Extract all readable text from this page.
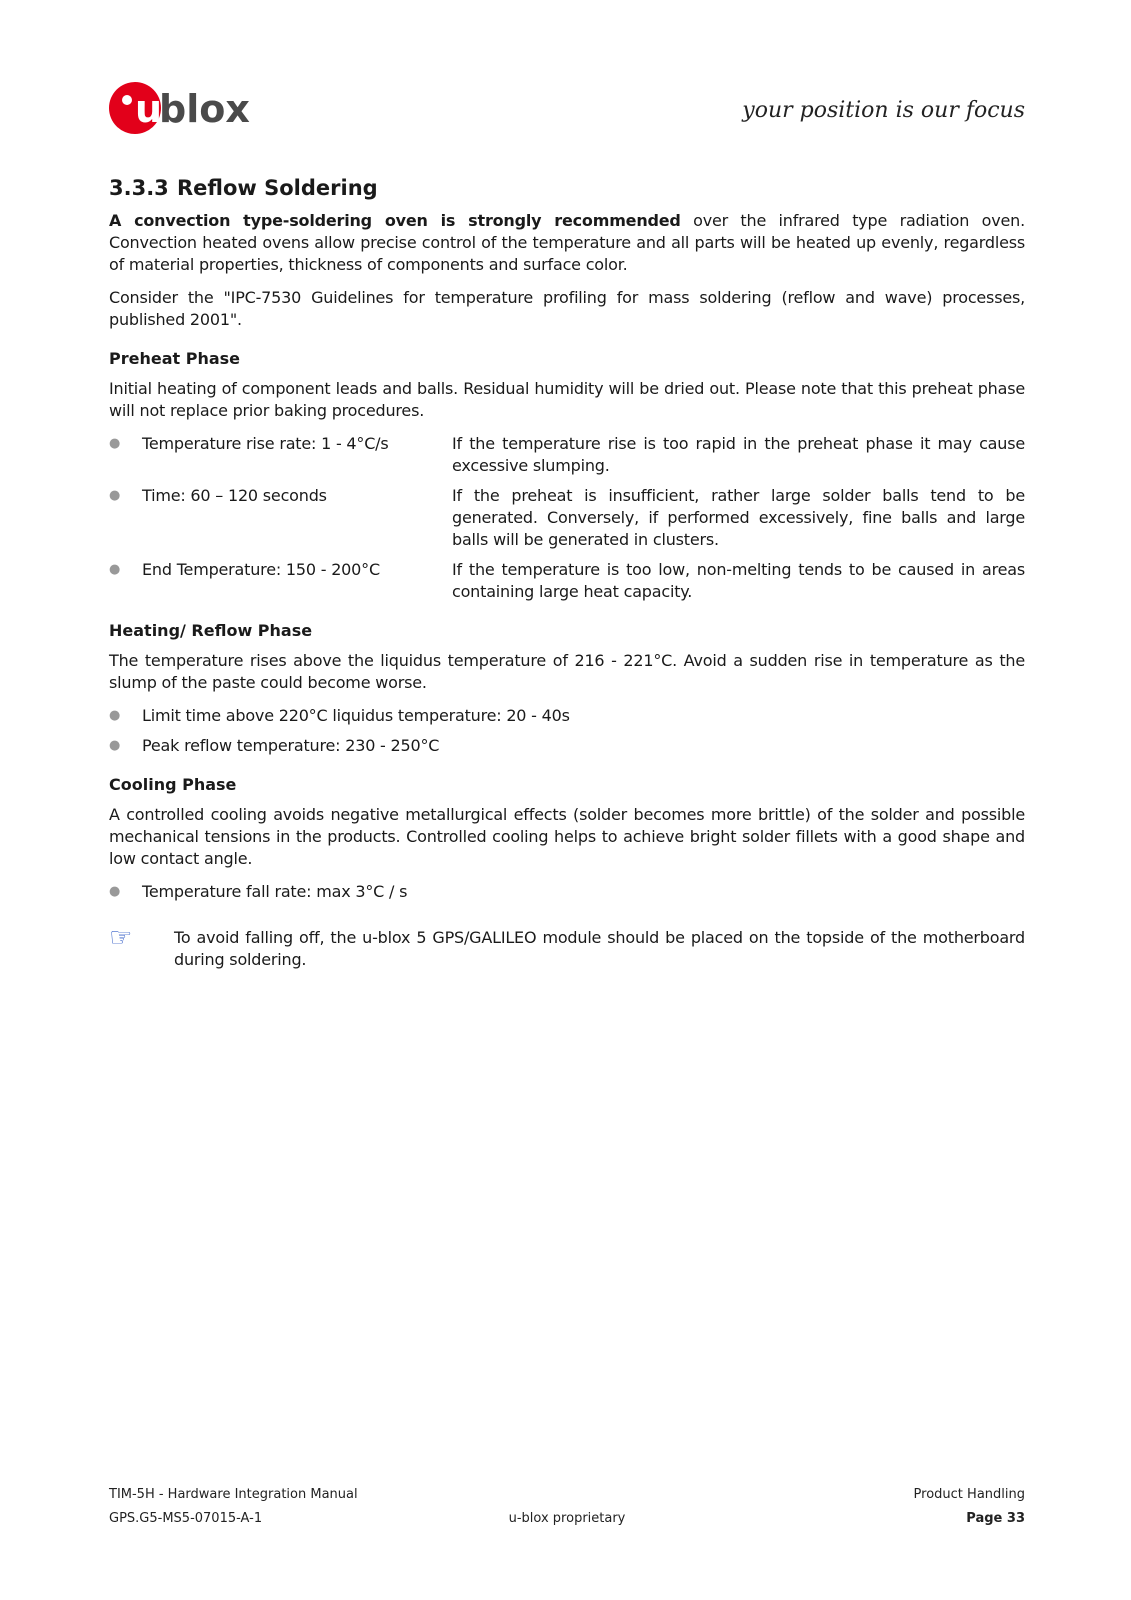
u
blox	your position is our focus
3.3.3 Reflow Soldering

A convection type-soldering oven is strongly recommended over the infrared type radiation oven. Convection heated ovens allow precise control of the temperature and all parts will be heated up evenly, regardless of material properties, thickness of components and surface color.

Consider the "IPC-7530 Guidelines for temperature profiling for mass soldering (reflow and wave) processes, published 2001".

Preheat Phase

Initial heating of component leads and balls. Residual humidity will be dried out. Please note that this preheat phase will not replace prior baking procedures.

●	Temperature rise rate: 1 - 4°C/s	If the temperature rise is too rapid in the preheat phase it may cause excessive slumping.
●	Time: 60 – 120 seconds	If the preheat is insufficient, rather large solder balls tend to be generated. Conversely, if performed excessively, fine balls and large balls will be generated in clusters.
●	End Temperature: 150 - 200°C	If the temperature is too low, non-melting tends to be caused in areas containing large heat capacity.
Heating/ Reflow Phase

The temperature rises above the liquidus temperature of 216 - 221°C. Avoid a sudden rise in temperature as the slump of the paste could become worse.

●	Limit time above 220°C liquidus temperature: 20 - 40s
●	Peak reflow temperature: 230 - 250°C
Cooling Phase

A controlled cooling avoids negative metallurgical effects (solder becomes more brittle) of the solder and possible mechanical tensions in the products. Controlled cooling helps to achieve bright solder fillets with a good shape and low contact angle.

●	Temperature fall rate: max 3°C / s
☞	To avoid falling off, the u-blox 5 GPS/GALILEO module should be placed on the topside of the motherboard during soldering.
TIM-5H - Hardware Integration Manual	Product Handling
GPS.G5-MS5-07015-A-1	u-blox proprietary	Page 33
